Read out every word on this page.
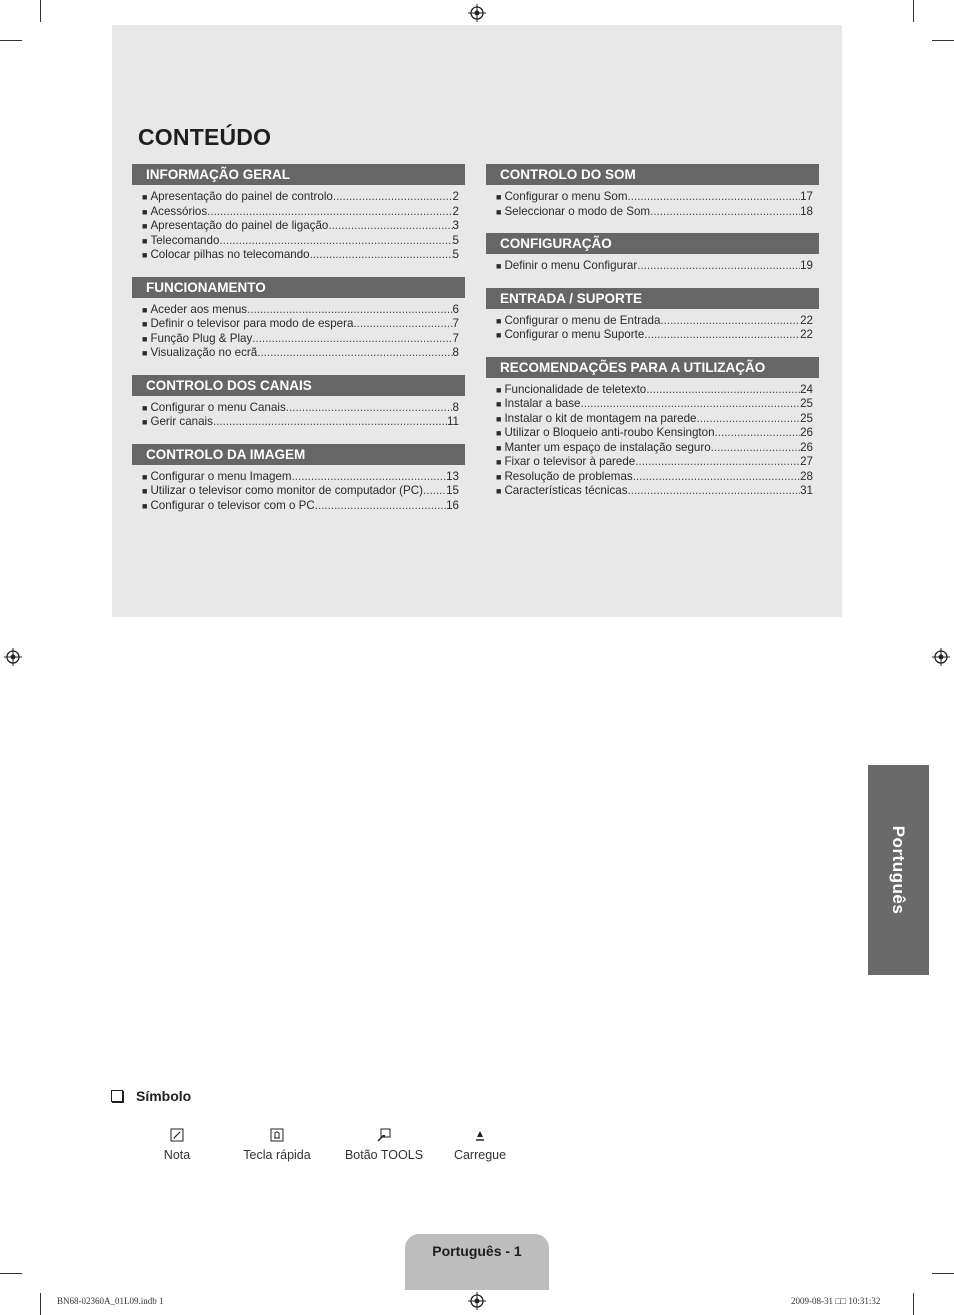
CONTEÚDO
INFORMAÇÃO GERAL
■ Apresentação do painel de controlo .....	2
■ Acessórios .....	2
■ Apresentação do painel de ligação .....	3
■ Telecomando .....	5
■ Colocar pilhas no telecomando .....	5
FUNCIONAMENTO
■ Aceder aos menus .....	6
■ Definir o televisor para modo de espera .....	7
■ Função Plug & Play .....	7
■ Visualização no ecrã .....	8
CONTROLO DOS CANAIS
■ Configurar o menu Canais .....	8
■ Gerir canais .....	11
CONTROLO DA IMAGEM
■ Configurar o menu Imagem .....	13
■ Utilizar o televisor como monitor de computador (PC) ..... 15
■ Configurar o televisor com o PC .....	16
CONTROLO DO SOM
■ Configurar o menu Som .....	17
■ Seleccionar o modo de Som .....	18
CONFIGURAÇÃO
■ Definir o menu Configurar .....	19
ENTRADA / SUPORTE
■ Configurar o menu de Entrada .....	22
■ Configurar o menu Suporte .....	22
RECOMENDAÇÕES PARA A UTILIZAÇÃO
■ Funcionalidade de teletexto .....	24
■ Instalar a base .....	25
■ Instalar o kit de montagem na parede .....	25
■ Utilizar o Bloqueio anti-roubo Kensington .....	26
■ Manter um espaço de instalação seguro .....	26
■ Fixar o televisor à parede .....	27
■ Resolução de problemas .....	28
■ Características técnicas .....	31
Português
Símbolo
Nota	Tecla rápida	Botão TOOLS	Carregue
Português - 1
BN68-02360A_01L09.indb 1	2009-08-31 □□ 10:31:32
